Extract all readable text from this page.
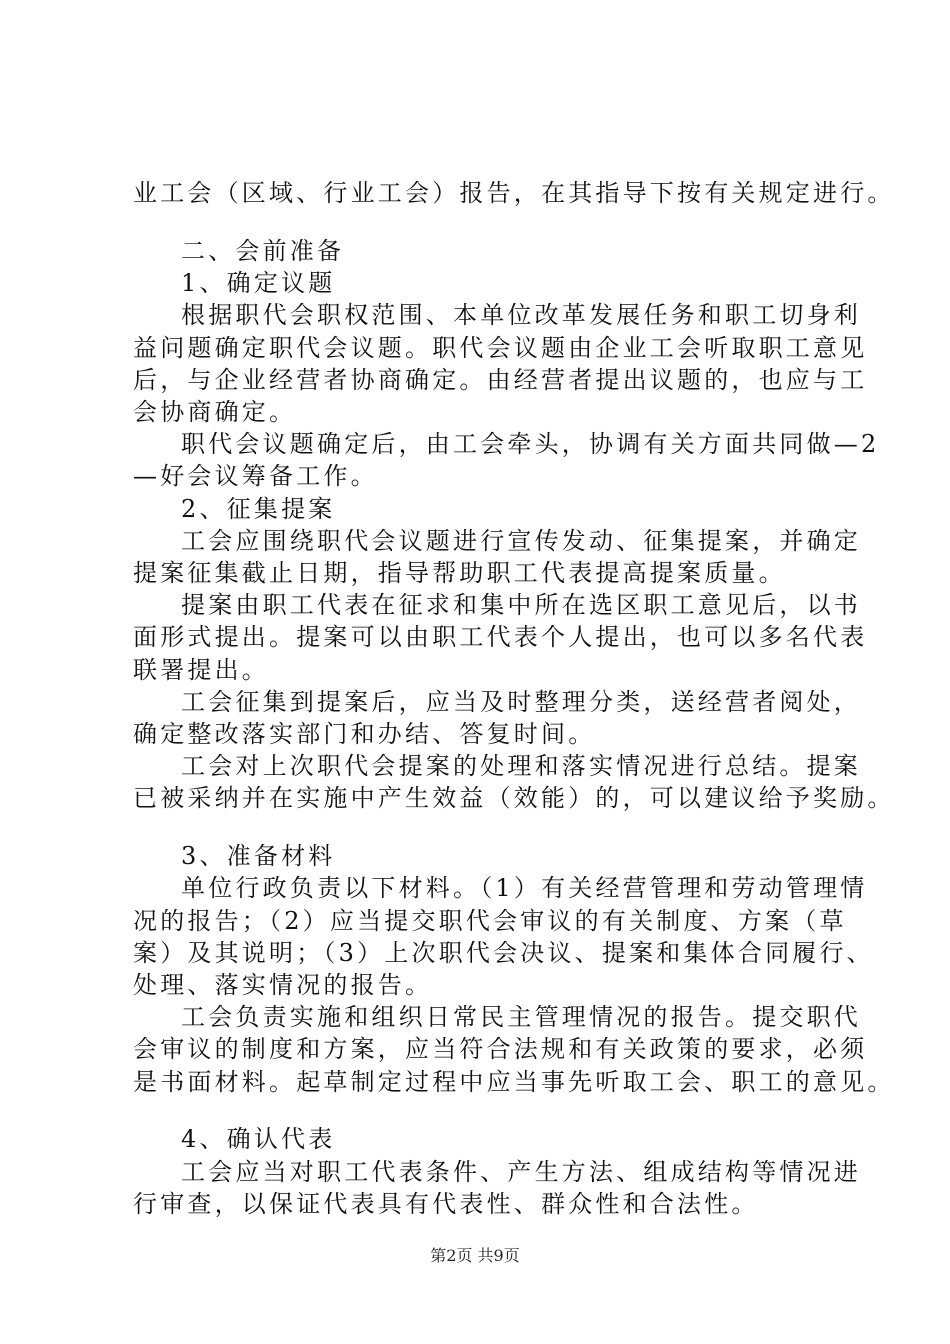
业工会（区域、行业工会）报告，在其指导下按有关规定进行。
二、会前准备
1、确定议题
根据职代会职权范围、本单位改革发展任务和职工切身利
益问题确定职代会议题。职代会议题由企业工会听取职工意见
后，与企业经营者协商确定。由经营者提出议题的，也应与工
会协商确定。
职代会议题确定后，由工会牵头，协调有关方面共同做—2
—好会议筹备工作。
2、征集提案
工会应围绕职代会议题进行宣传发动、征集提案，并确定
提案征集截止日期，指导帮助职工代表提高提案质量。
提案由职工代表在征求和集中所在选区职工意见后，以书
面形式提出。提案可以由职工代表个人提出，也可以多名代表
联署提出。
工会征集到提案后，应当及时整理分类，送经营者阅处，
确定整改落实部门和办结、答复时间。
工会对上次职代会提案的处理和落实情况进行总结。提案
已被采纳并在实施中产生效益（效能）的，可以建议给予奖励。
3、准备材料
单位行政负责以下材料。（1）有关经营管理和劳动管理情
况的报告；（2）应当提交职代会审议的有关制度、方案（草
案）及其说明；（3）上次职代会决议、提案和集体合同履行、
处理、落实情况的报告。
工会负责实施和组织日常民主管理情况的报告。提交职代
会审议的制度和方案，应当符合法规和有关政策的要求，必须
是书面材料。起草制定过程中应当事先听取工会、职工的意见。
4、确认代表
工会应当对职工代表条件、产生方法、组成结构等情况进
行审查，以保证代表具有代表性、群众性和合法性。
第2页 共9页
